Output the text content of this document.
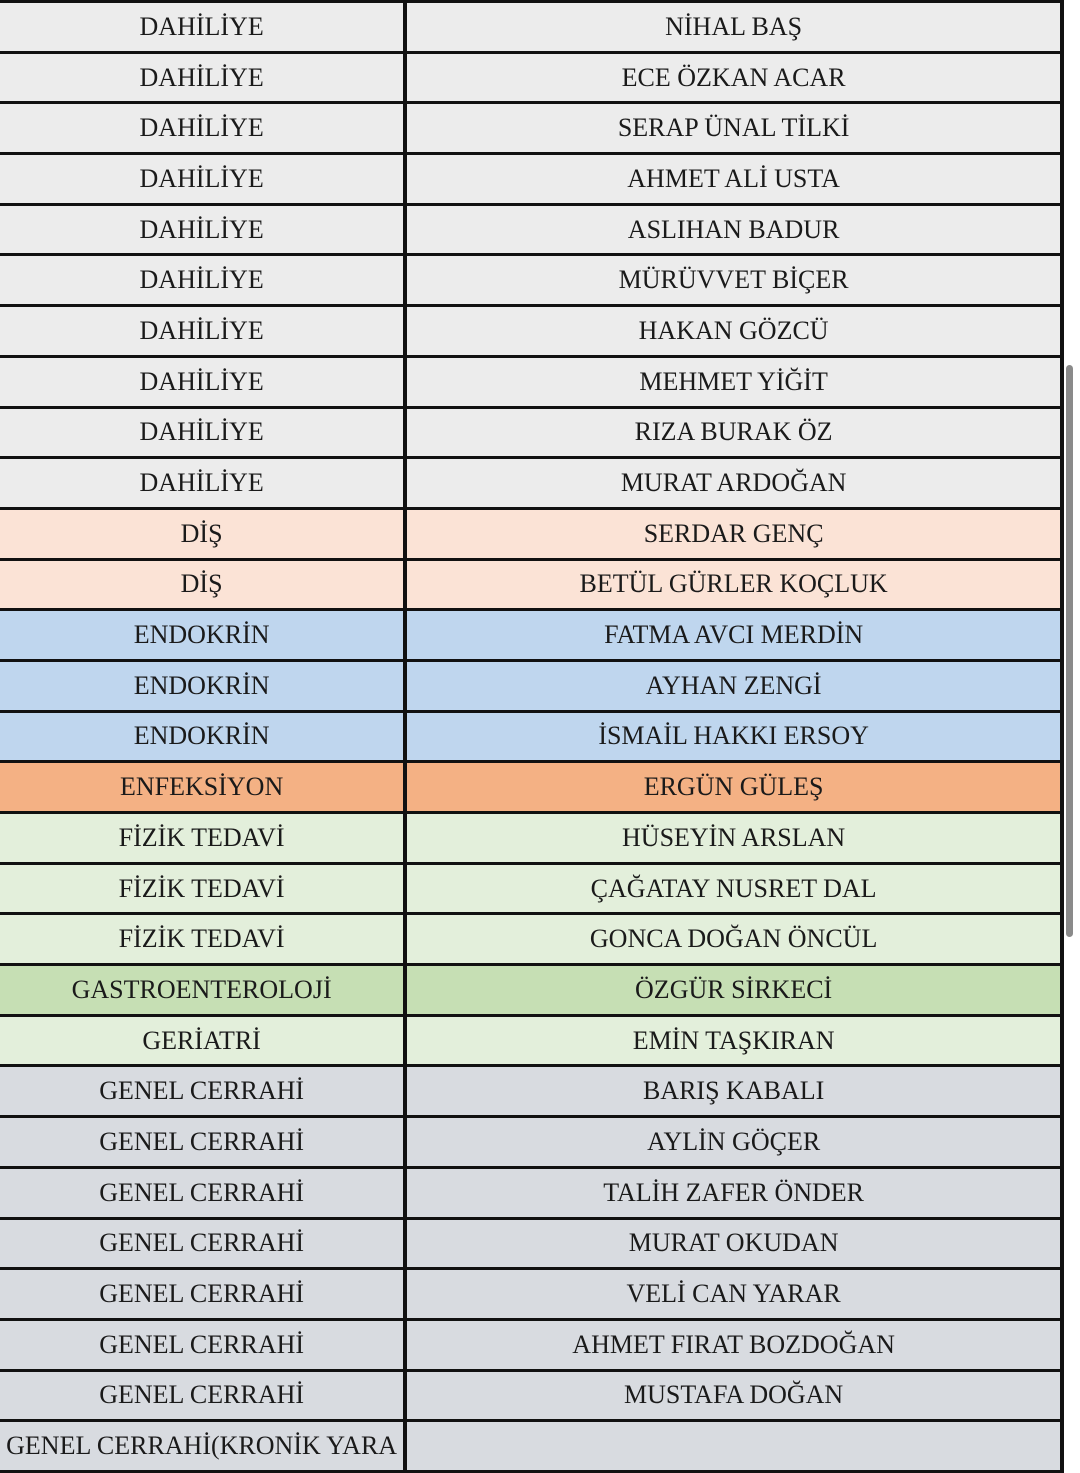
DAHİLİYE	NİHAL BAŞ
DAHİLİYE	ECE ÖZKAN ACAR
DAHİLİYE	SERAP ÜNAL TİLKİ
DAHİLİYE	AHMET ALİ USTA
DAHİLİYE	ASLIHAN BADUR
DAHİLİYE	MÜRÜVVET BİÇER
DAHİLİYE	HAKAN GÖZCÜ
DAHİLİYE	MEHMET YİĞİT
DAHİLİYE	RIZA BURAK ÖZ
DAHİLİYE	MURAT ARDOĞAN
DİŞ	SERDAR GENÇ
DİŞ	BETÜL GÜRLER KOÇLUK
ENDOKRİN	FATMA AVCI MERDİN
ENDOKRİN	AYHAN ZENGİ
ENDOKRİN	İSMAİL HAKKI ERSOY
ENFEKSİYON	ERGÜN GÜLEŞ
FİZİK TEDAVİ	HÜSEYİN ARSLAN
FİZİK TEDAVİ	ÇAĞATAY NUSRET DAL
FİZİK TEDAVİ	GONCA DOĞAN ÖNCÜL
GASTROENTEROLOJİ	ÖZGÜR SİRKECİ
GERİATRİ	EMİN TAŞKIRAN
GENEL CERRAHİ	BARIŞ KABALI
GENEL CERRAHİ	AYLİN GÖÇER
GENEL CERRAHİ	TALİH ZAFER ÖNDER
GENEL CERRAHİ	MURAT OKUDAN
GENEL CERRAHİ	VELİ CAN YARAR
GENEL CERRAHİ	AHMET FIRAT BOZDOĞAN
GENEL CERRAHİ	MUSTAFA DOĞAN
GENEL CERRAHİ(KRONİK YARA
